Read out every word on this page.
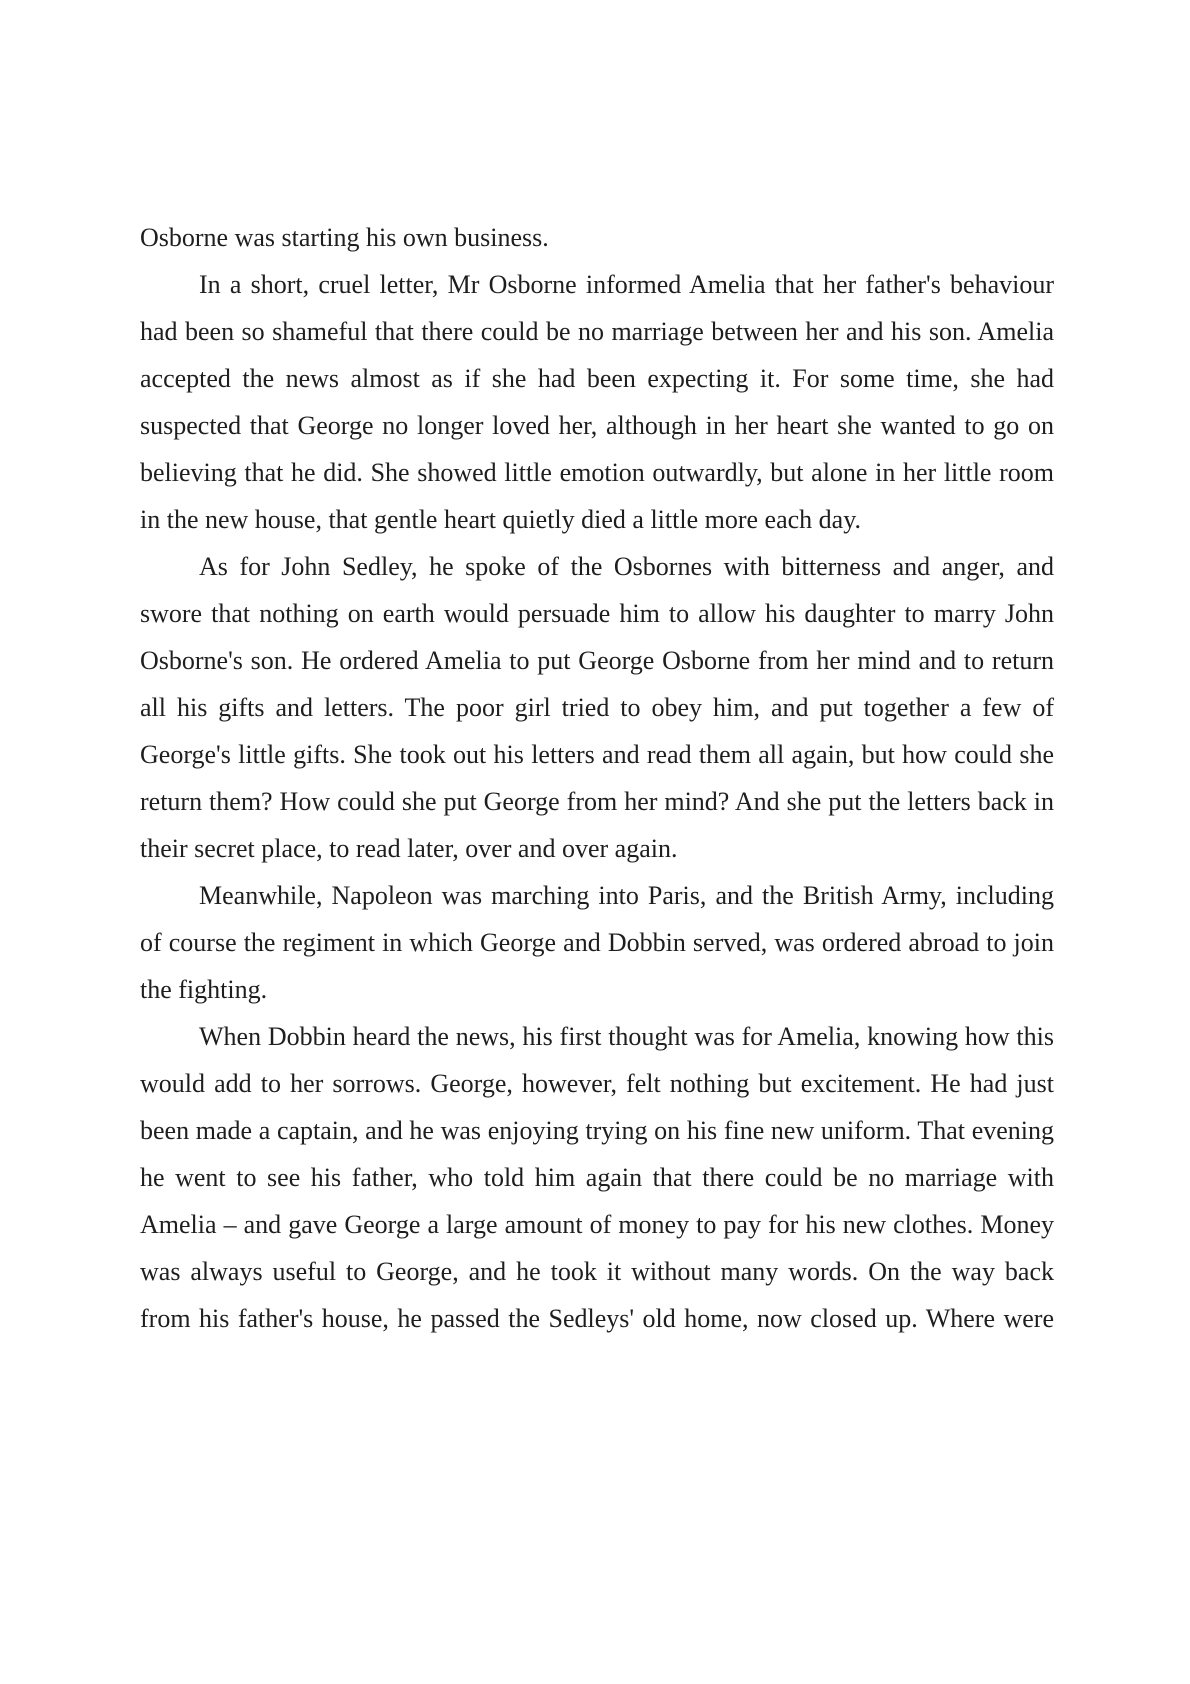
Osborne was starting his own business.

In a short, cruel letter, Mr Osborne informed Amelia that her father's behaviour had been so shameful that there could be no marriage between her and his son. Amelia accepted the news almost as if she had been expecting it. For some time, she had suspected that George no longer loved her, although in her heart she wanted to go on believing that he did. She showed little emotion outwardly, but alone in her little room in the new house, that gentle heart quietly died a little more each day.

As for John Sedley, he spoke of the Osbornes with bitterness and anger, and swore that nothing on earth would persuade him to allow his daughter to marry John Osborne's son. He ordered Amelia to put George Osborne from her mind and to return all his gifts and letters. The poor girl tried to obey him, and put together a few of George's little gifts. She took out his letters and read them all again, but how could she return them? How could she put George from her mind? And she put the letters back in their secret place, to read later, over and over again.

Meanwhile, Napoleon was marching into Paris, and the British Army, including of course the regiment in which George and Dobbin served, was ordered abroad to join the fighting.

When Dobbin heard the news, his first thought was for Amelia, knowing how this would add to her sorrows. George, however, felt nothing but excitement. He had just been made a captain, and he was enjoying trying on his fine new uniform. That evening he went to see his father, who told him again that there could be no marriage with Amelia – and gave George a large amount of money to pay for his new clothes. Money was always useful to George, and he took it without many words. On the way back from his father's house, he passed the Sedleys' old home, now closed up. Where were
